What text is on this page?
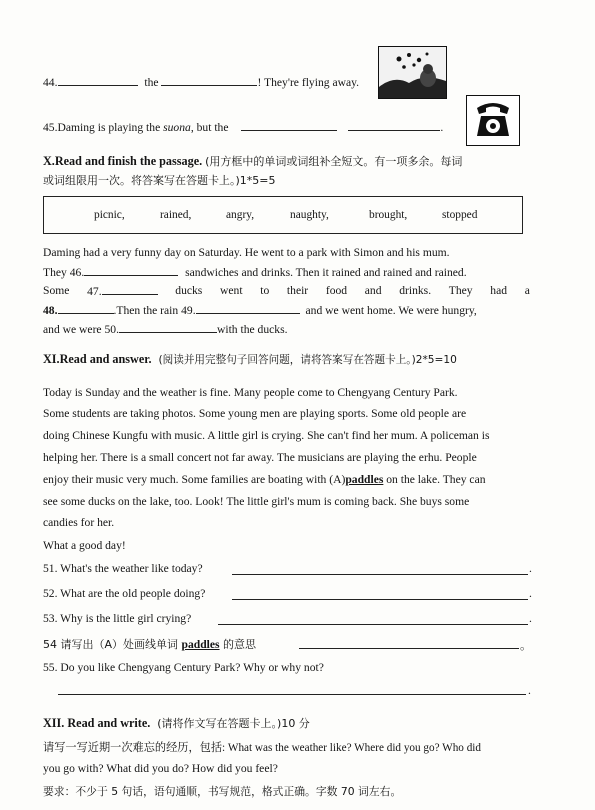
44.	the	! They're flying away.
45.Daming is playing the suona, but the	.
X.Read and finish the passage. (用方框中的单词或词组补全短文。有一项多余。每词
或词组限用一次。将答案写在答题卡上。)1*5=5
picnic,	rained,	angry,	naughty,	brought,	stopped
Daming had a very funny day on Saturday. He went to a park with Simon and his mum.
They 46.	sandwiches and drinks. Then it rained and rained and rained.
Some 47.	ducks went to their food and drinks. They had a
48.	.Then the rain 49.	and we went home. We were hungry,
and we were 50.	with the ducks.
XI.Read and answer. (阅读并用完整句子回答问题，请将答案写在答题卡上。)2*5=10
Today is Sunday and the weather is fine. Many people come to Chengyang Century Park.
Some students are taking photos. Some young men are playing sports. Some old people are
doing Chinese Kungfu with music. A little girl is crying. She can't find her mum. A policeman is
helping her. There is a small concert not far away. The musicians are playing the erhu. People
enjoy their music very much. Some families are boating with (A)paddles on the lake. They can
see some ducks on the lake, too. Look! The little girl's mum is coming back. She buys some
candies for her.
What a good day!
51. What's the weather like today?	.
52. What are the old people doing?	.
53. Why is the little girl crying?	.
54 请写出（A）处画线单词 paddles 的意思	。
55. Do you like Chengyang Century Park? Why or why not?
.
XII. Read and write. (请将作文写在答题卡上。)10 分
请写一写近期一次难忘的经历，包括: What was the weather like? Where did you go? Who did
you go with? What did you do? How did you feel?
要求：不少于 5 句话，语句通顺，书写规范，格式正确。字数 70 词左右。
